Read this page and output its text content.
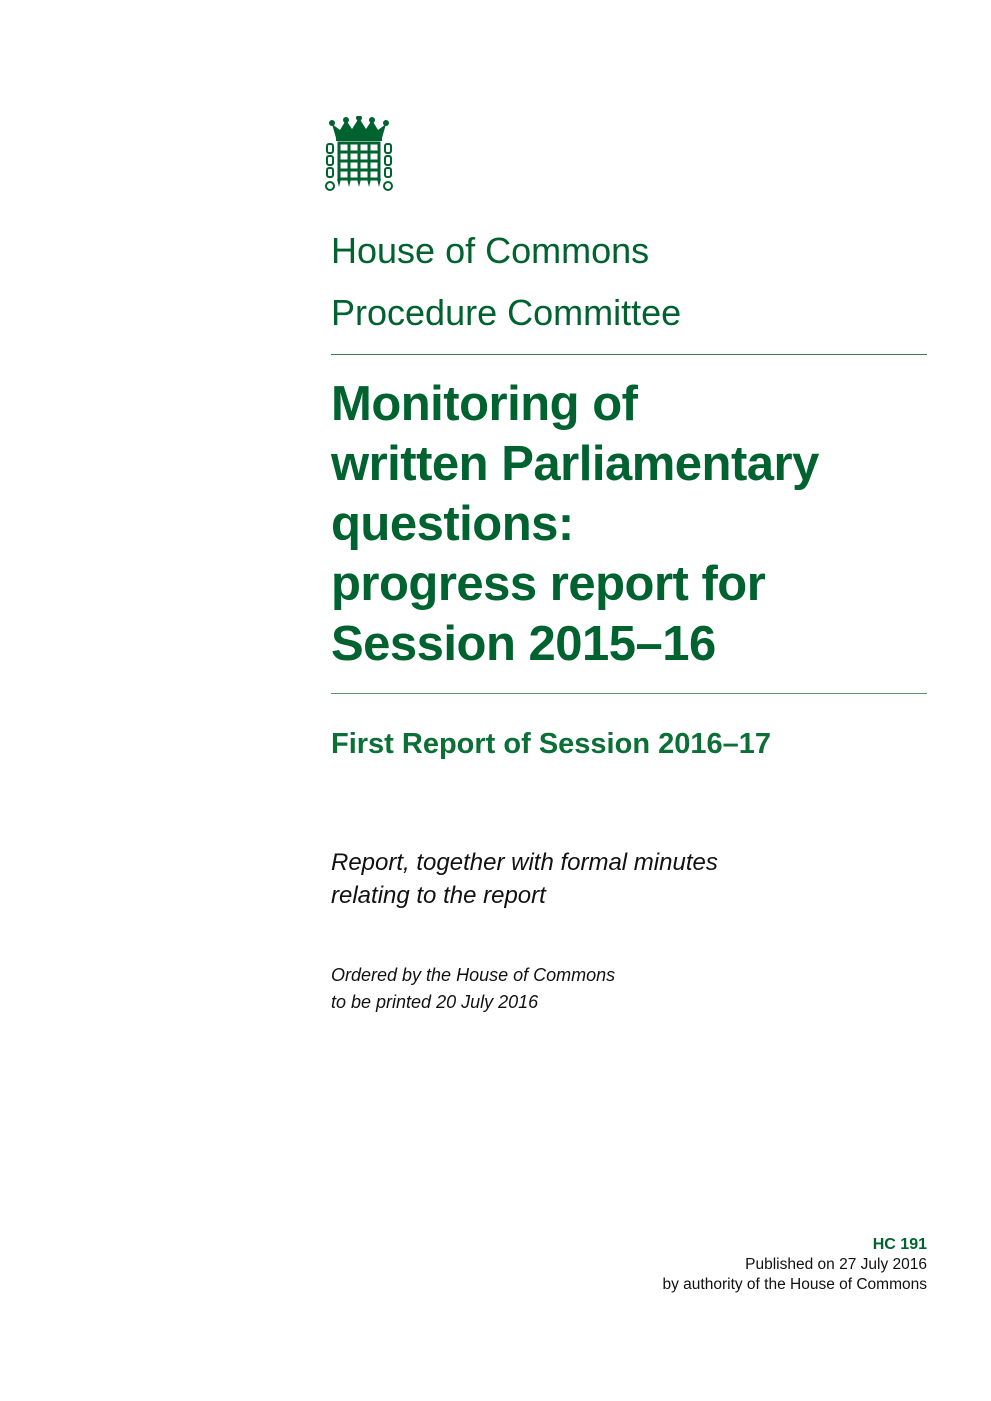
House of Commons
Procedure Committee
Monitoring of
written Parliamentary
questions:
progress report for
Session 2015–16
First Report of Session 2016–17
Report, together with formal minutes
relating to the report
Ordered by the House of Commons
to be printed 20 July 2016
HC 191
Published on 27 July 2016
by authority of the House of Commons
